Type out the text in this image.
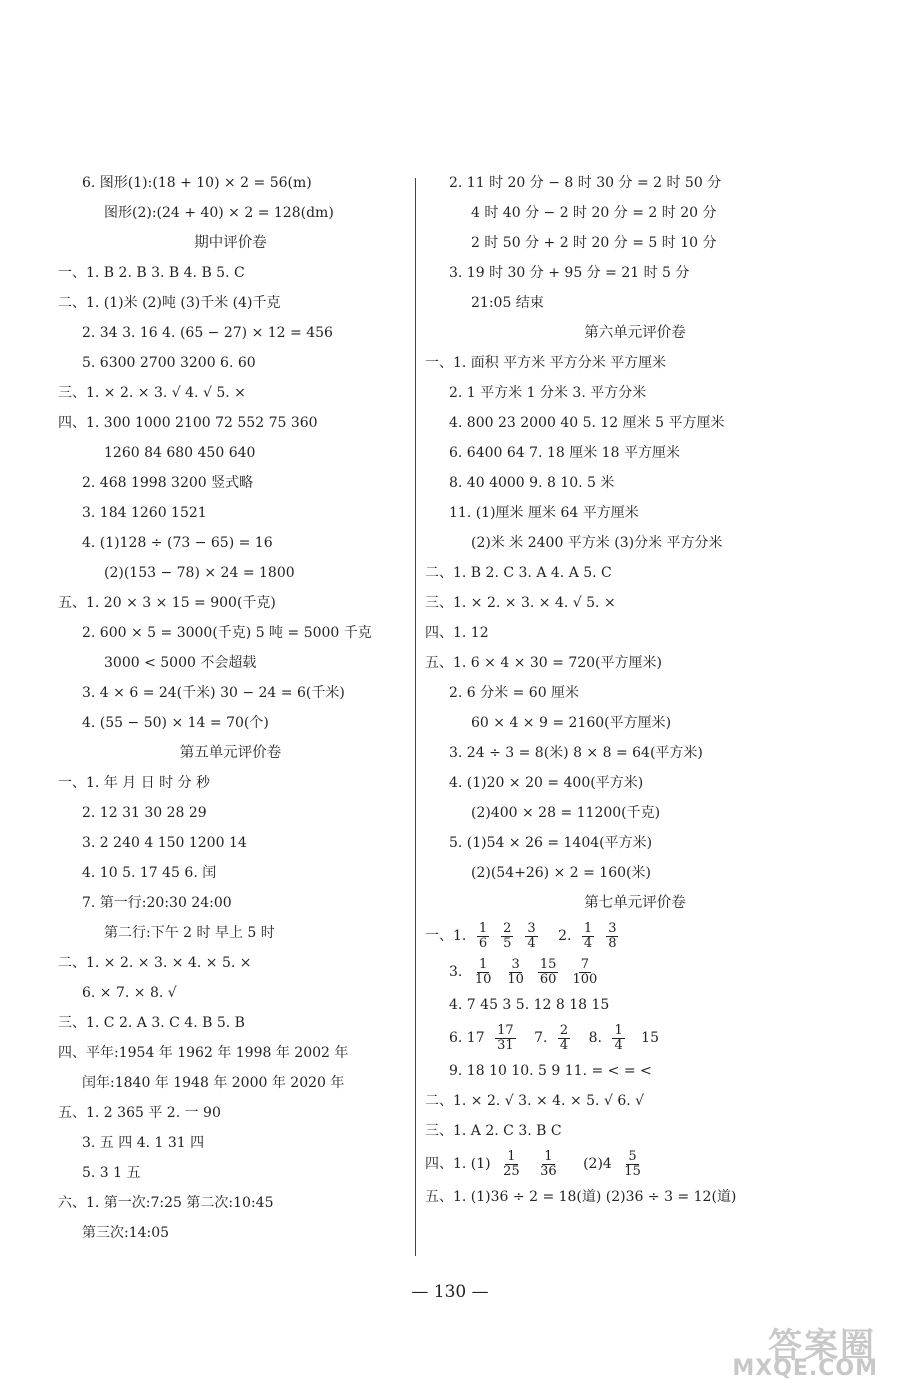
6. 图形(1):(18 + 10) × 2 = 56(m)
图形(2):(24 + 40) × 2 = 128(dm)
期中评价卷
一、1. B 2. B 3. B 4. B 5. C
二、1. (1)米 (2)吨 (3)千米 (4)千克
2. 34 3. 16 4. (65 − 27) × 12 = 456
5. 6300 2700 3200 6. 60
三、1. × 2. × 3. √ 4. √ 5. ×
四、1. 300 1000 2100 72 552 75 360
1260 84 680 450 640
2. 468 1998 3200 竖式略
3. 184 1260 1521
4. (1)128 ÷ (73 − 65) = 16
(2)(153 − 78) × 24 = 1800
五、1. 20 × 3 × 15 = 900(千克)
2. 600 × 5 = 3000(千克) 5 吨 = 5000 千克
3000 < 5000 不会超载
3. 4 × 6 = 24(千米) 30 − 24 = 6(千米)
4. (55 − 50) × 14 = 70(个)
第五单元评价卷
一、1. 年 月 日 时 分 秒
2. 12 31 30 28 29
3. 2 240 4 150 1200 14
4. 10 5. 17 45 6. 闰
7. 第一行:20:30 24:00
第二行:下午 2 时 早上 5 时
二、1. × 2. × 3. × 4. × 5. ×
6. × 7. × 8. √
三、1. C 2. A 3. C 4. B 5. B
四、平年:1954 年 1962 年 1998 年 2002 年
闰年:1840 年 1948 年 2000 年 2020 年
五、1. 2 365 平 2. 一 90
3. 五 四 4. 1 31 四
5. 3 1 五
六、1. 第一次:7:25 第二次:10:45
第三次:14:05
2. 11 时 20 分 − 8 时 30 分 = 2 时 50 分
4 时 40 分 − 2 时 20 分 = 2 时 20 分
2 时 50 分 + 2 时 20 分 = 5 时 10 分
3. 19 时 30 分 + 95 分 = 21 时 5 分
21:05 结束
第六单元评价卷
一、1. 面积 平方米 平方分米 平方厘米
2. 1 平方米 1 分米 3. 平方分米
4. 800 23 2000 40 5. 12 厘米 5 平方厘米
6. 6400 64 7. 18 厘米 18 平方厘米
8. 40 4000 9. 8 10. 5 米
11. (1)厘米 厘米 64 平方厘米
(2)米 米 2400 平方米 (3)分米 平方分米
二、1. B 2. C 3. A 4. A 5. C
三、1. × 2. × 3. × 4. √ 5. ×
四、1. 12
五、1. 6 × 4 × 30 = 720(平方厘米)
2. 6 分米 = 60 厘米
60 × 4 × 9 = 2160(平方厘米)
3. 24 ÷ 3 = 8(米) 8 × 8 = 64(平方米)
4. (1)20 × 20 = 400(平方米)
(2)400 × 28 = 11200(千克)
5. (1)54 × 26 = 1404(平方米)
(2)(54+26) × 2 = 160(米)
第七单元评价卷
一、1. $\frac{1}{6} \frac{2}{5} \frac{3}{4} 2$. $\frac{1}{4} \frac{3}{8}$
3. $\frac{1}{10} \frac{3}{10} \frac{15}{60} \frac{7}{100}$
4. 7 45 3 5. 12 8 18 15
6. $17 \frac{17}{31} 7$. $\frac{2}{4} 8$. $\frac{1}{4} 15$
9. 18 10 10. 5 9 11. = < = <
二、1. × 2. √ 3. × 4. × 5. √ 6. √
三、1. A 2. C 3. B C
四、1. $(1) \frac{1}{25}$
$\frac{1}{36} (2)4 \frac{5}{15}$
五、1. (1)36 ÷ 2 = 18(道) (2)36 ÷ 3 = 12(道)
— 130 —
答案圈
MXQE.COM
